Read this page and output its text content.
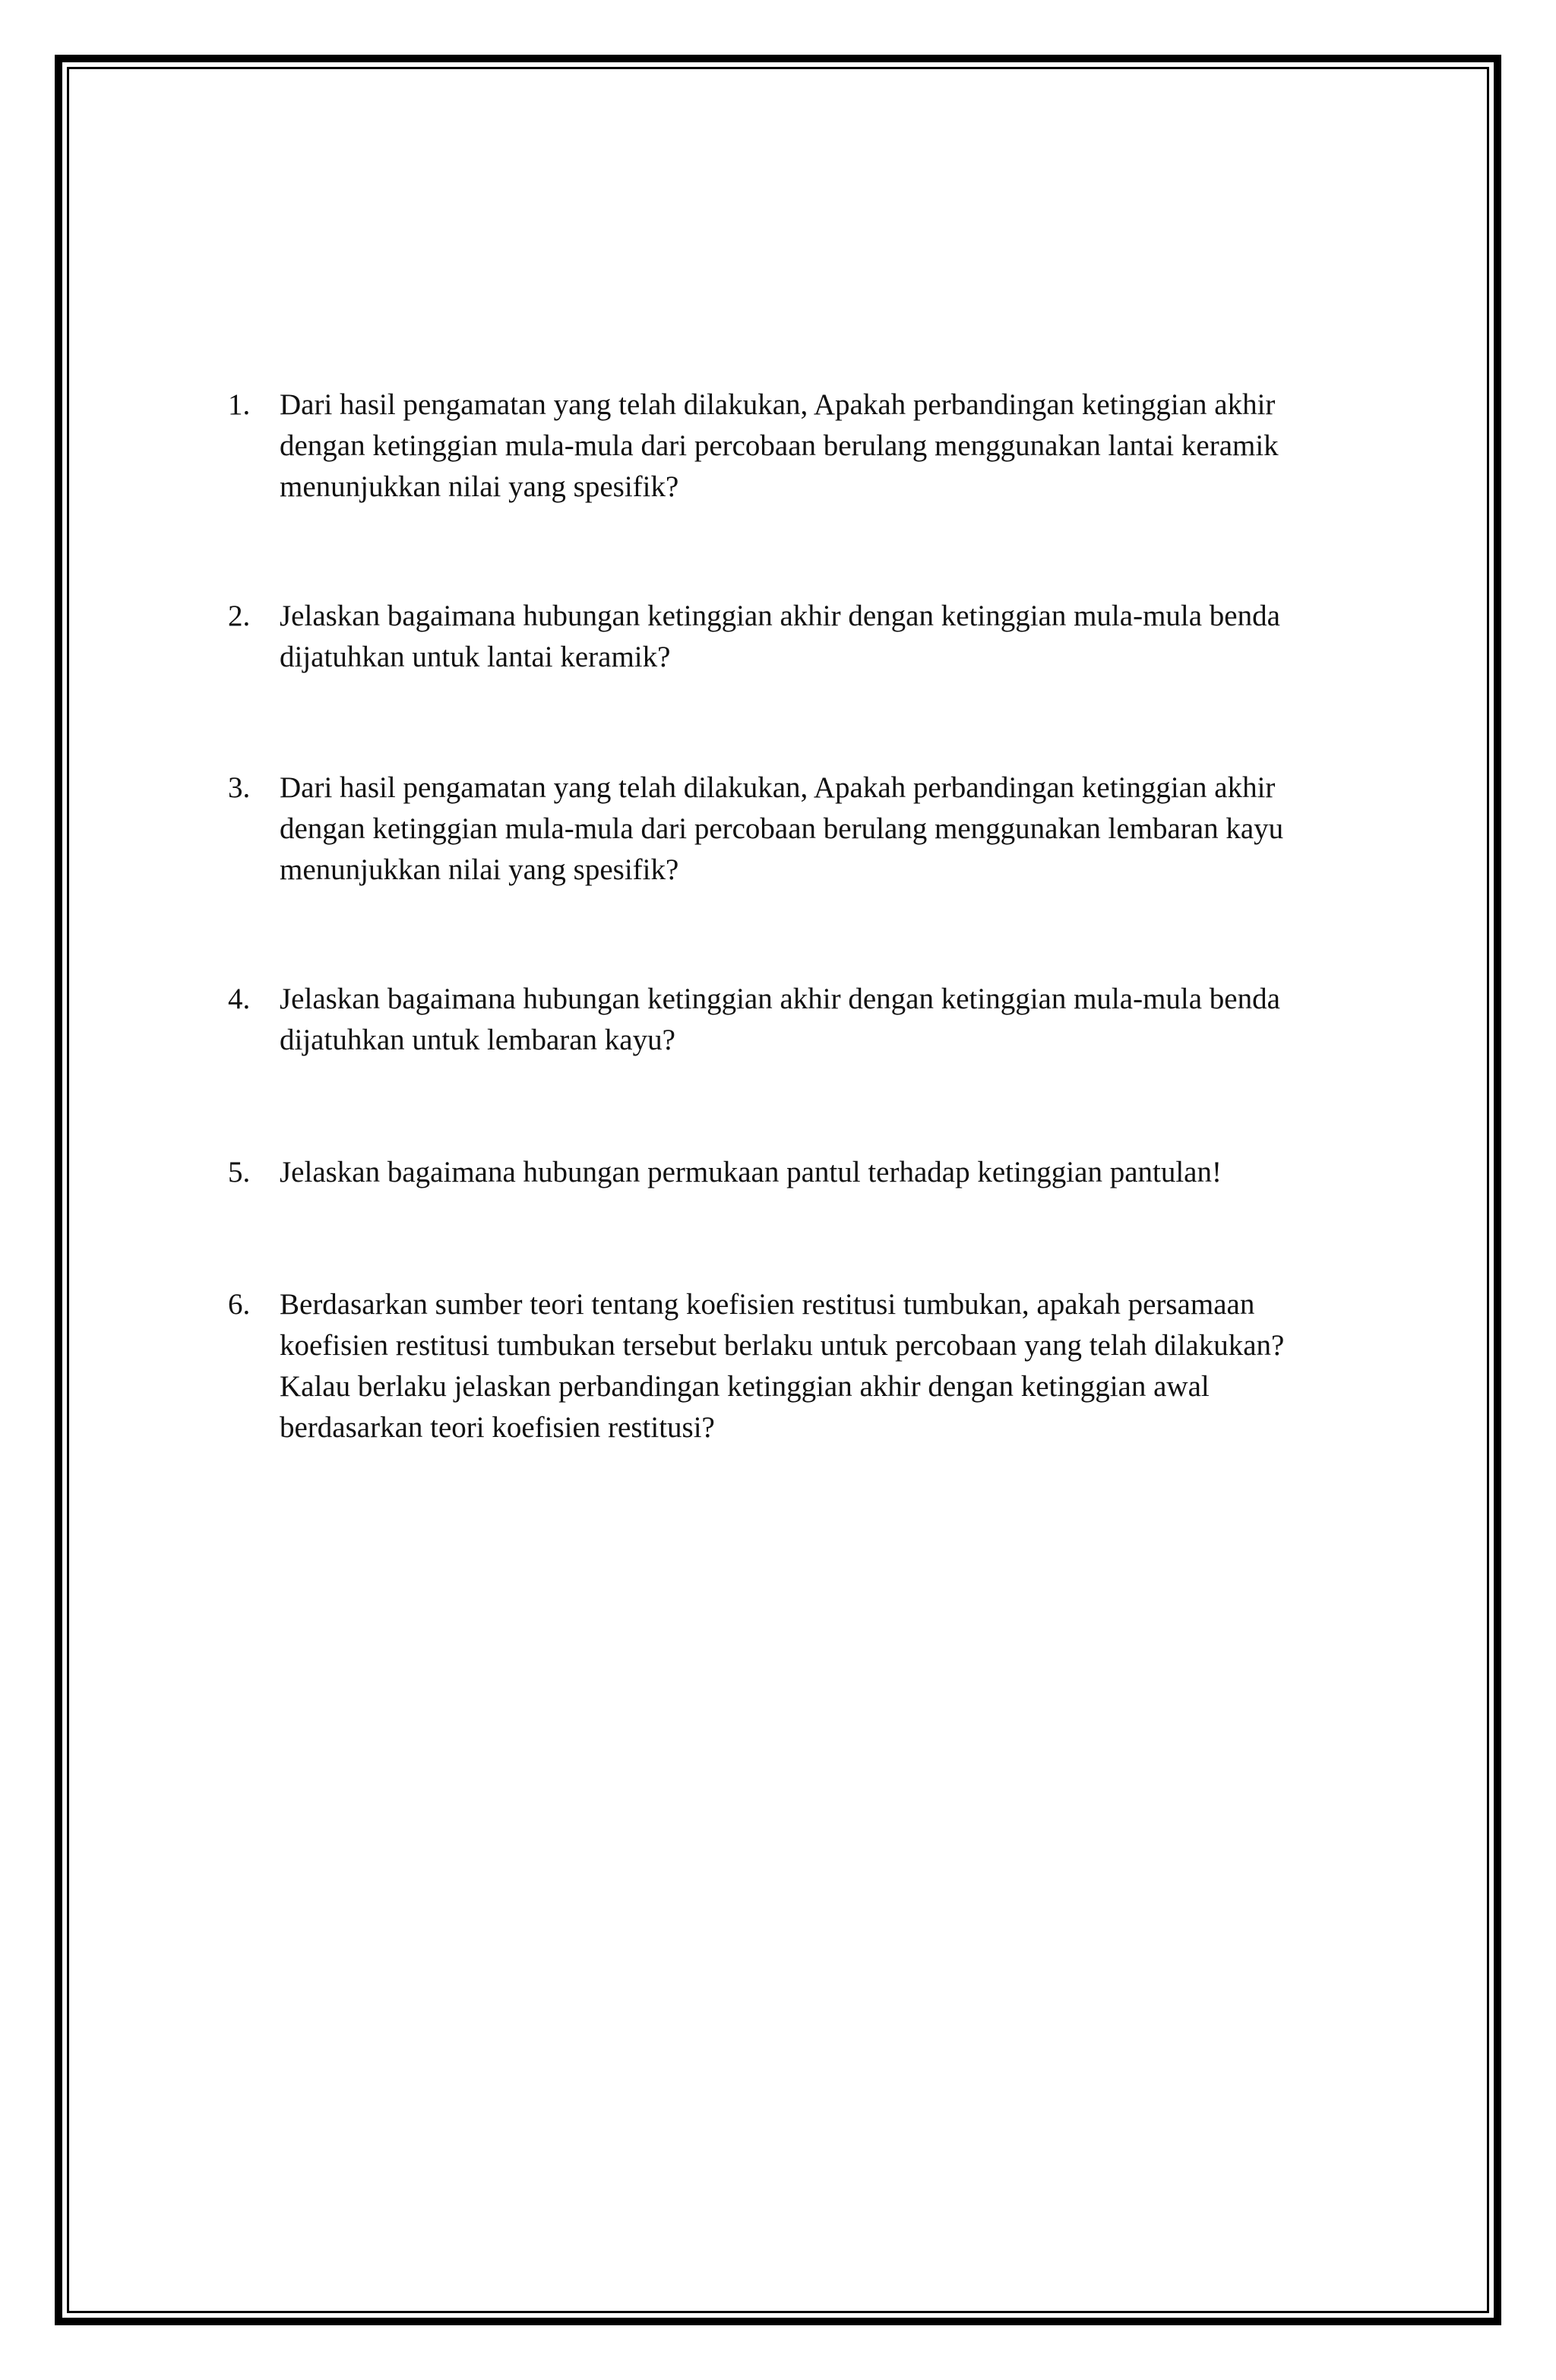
1. Dari hasil pengamatan yang telah dilakukan, Apakah perbandingan ketinggian akhir
dengan ketinggian mula-mula dari percobaan berulang menggunakan lantai keramik
menunjukkan nilai yang spesifik?
2. Jelaskan bagaimana hubungan ketinggian akhir dengan ketinggian mula-mula benda
dijatuhkan untuk lantai keramik?
3. Dari hasil pengamatan yang telah dilakukan, Apakah perbandingan ketinggian akhir
dengan ketinggian mula-mula dari percobaan berulang menggunakan lembaran kayu
menunjukkan nilai yang spesifik?
4. Jelaskan bagaimana hubungan ketinggian akhir dengan ketinggian mula-mula benda
dijatuhkan untuk lembaran kayu?
5. Jelaskan bagaimana hubungan permukaan pantul terhadap ketinggian pantulan!
6. Berdasarkan sumber teori tentang koefisien restitusi tumbukan, apakah persamaan
koefisien restitusi tumbukan tersebut berlaku untuk percobaan yang telah dilakukan?
Kalau berlaku jelaskan perbandingan ketinggian akhir dengan ketinggian awal
berdasarkan teori koefisien restitusi?
